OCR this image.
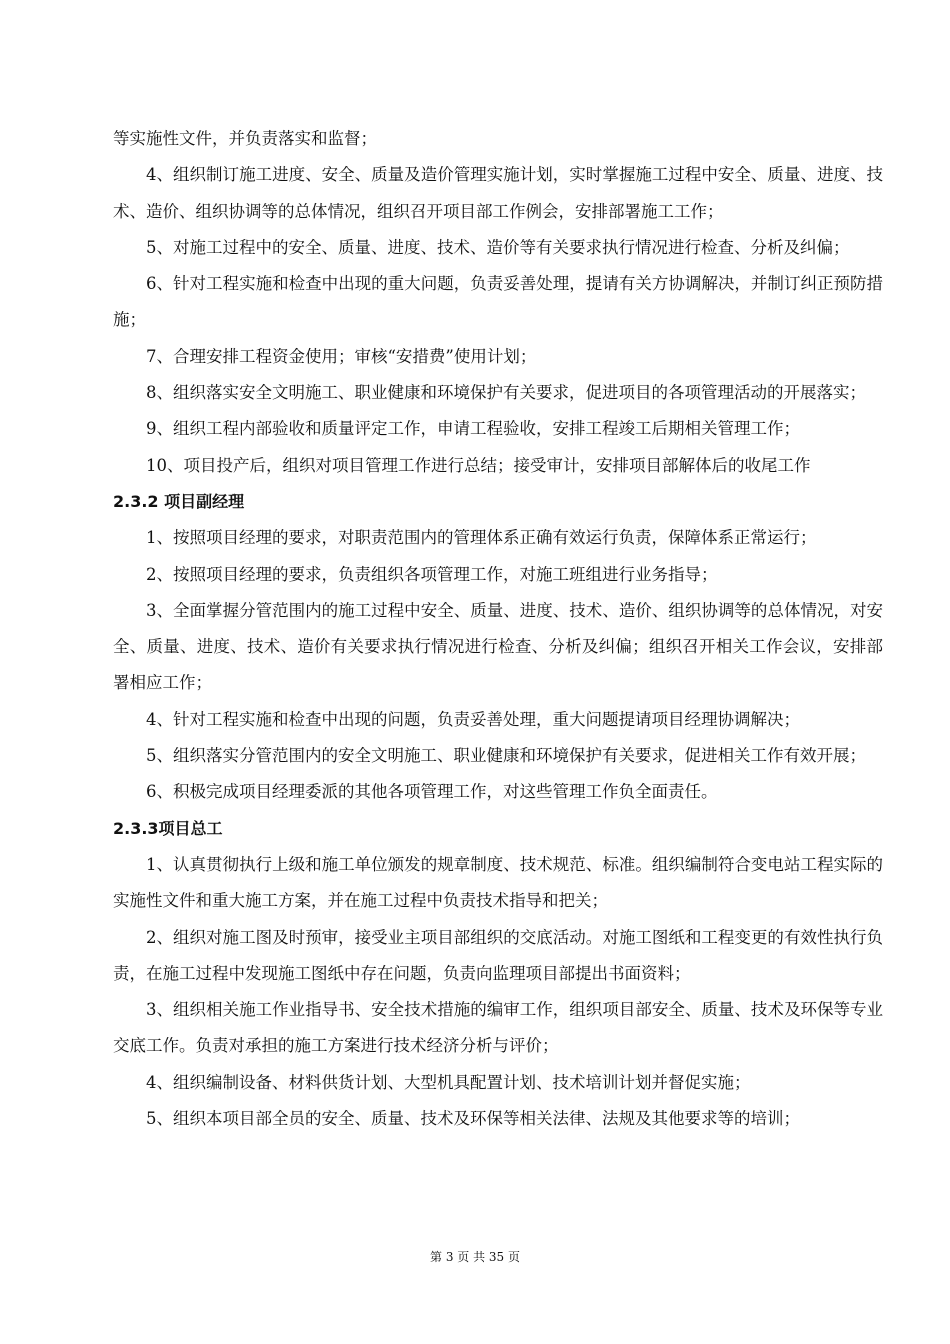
等实施性文件，并负责落实和监督；
4、组织制订施工进度、安全、质量及造价管理实施计划，实时掌握施工过程中安全、质量、进度、技术、造价、组织协调等的总体情况，组织召开项目部工作例会，安排部署施工工作；
5、对施工过程中的安全、质量、进度、技术、造价等有关要求执行情况进行检查、分析及纠偏；
6、针对工程实施和检查中出现的重大问题，负责妥善处理，提请有关方协调解决，并制订纠正预防措施；
7、合理安排工程资金使用；审核“安措费”使用计划；
8、组织落实安全文明施工、职业健康和环境保护有关要求，促进项目的各项管理活动的开展落实；
9、组织工程内部验收和质量评定工作，申请工程验收，安排工程竣工后期相关管理工作；
10、项目投产后，组织对项目管理工作进行总结；接受审计，安排项目部解体后的收尾工作
2.3.2 项目副经理
1、按照项目经理的要求，对职责范围内的管理体系正确有效运行负责，保障体系正常运行；
2、按照项目经理的要求，负责组织各项管理工作，对施工班组进行业务指导；
3、全面掌握分管范围内的施工过程中安全、质量、进度、技术、造价、组织协调等的总体情况，对安全、质量、进度、技术、造价有关要求执行情况进行检查、分析及纠偏；组织召开相关工作会议，安排部署相应工作；
4、针对工程实施和检查中出现的问题，负责妥善处理，重大问题提请项目经理协调解决；
5、组织落实分管范围内的安全文明施工、职业健康和环境保护有关要求，促进相关工作有效开展；
6、积极完成项目经理委派的其他各项管理工作，对这些管理工作负全面责任。
2.3.3项目总工
1、认真贯彻执行上级和施工单位颁发的规章制度、技术规范、标准。组织编制符合变电站工程实际的实施性文件和重大施工方案，并在施工过程中负责技术指导和把关；
2、组织对施工图及时预审，接受业主项目部组织的交底活动。对施工图纸和工程变更的有效性执行负责，在施工过程中发现施工图纸中存在问题，负责向监理项目部提出书面资料；
3、组织相关施工作业指导书、安全技术措施的编审工作，组织项目部安全、质量、技术及环保等专业交底工作。负责对承担的施工方案进行技术经济分析与评价；
4、组织编制设备、材料供货计划、大型机具配置计划、技术培训计划并督促实施；
5、组织本项目部全员的安全、质量、技术及环保等相关法律、法规及其他要求等的培训；
第 3 页 共 35 页
